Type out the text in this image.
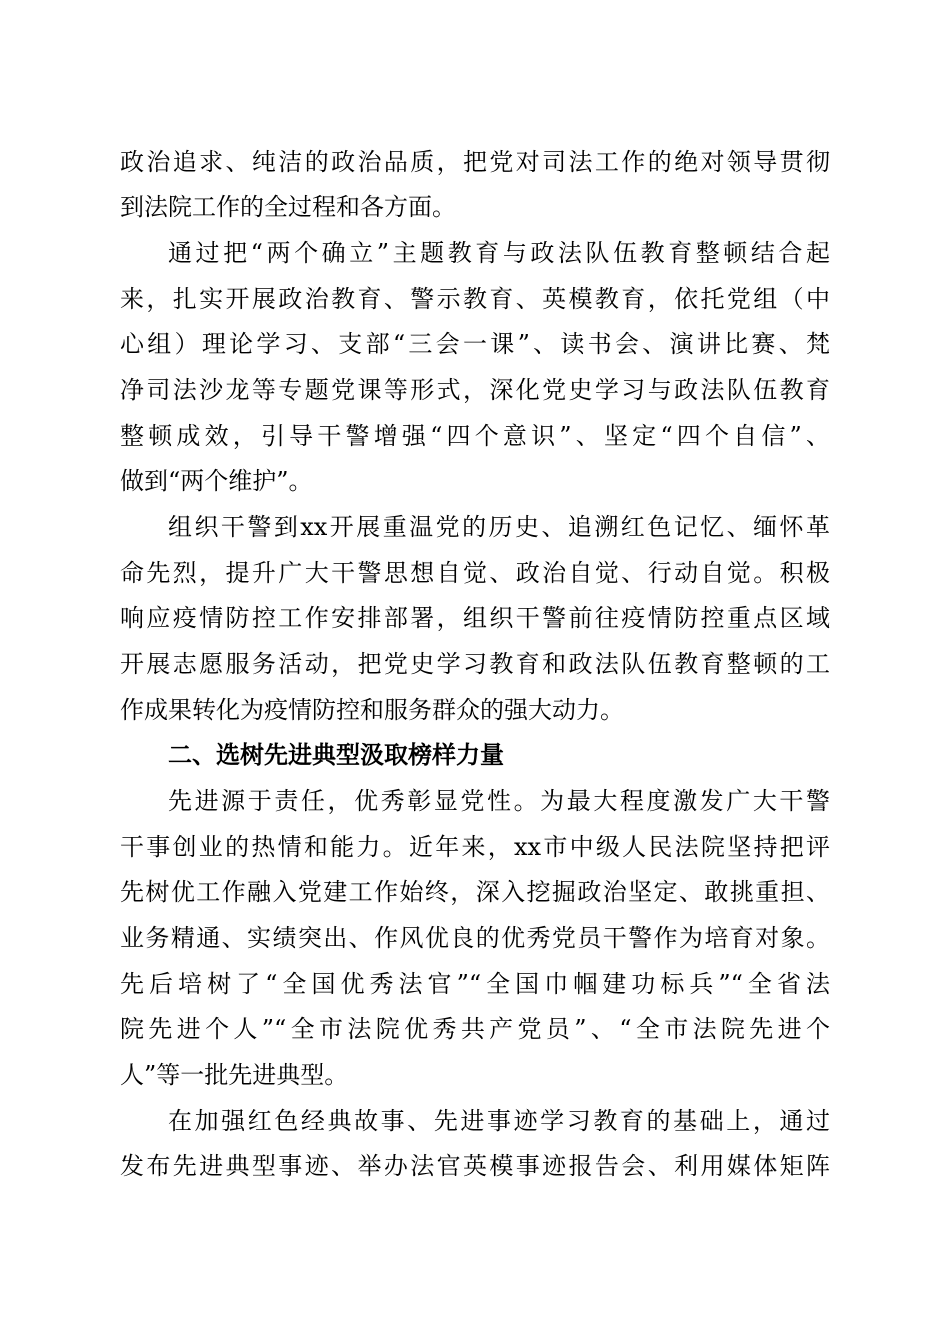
政治追求、纯洁的政治品质，把党对司法工作的绝对领导贯彻
到法院工作的全过程和各方面。
通过把“两个确立”主题教育与政法队伍教育整顿结合起
来，扎实开展政治教育、警示教育、英模教育，依托党组（中
心组）理论学习、支部“三会一课”、读书会、演讲比赛、梵
净司法沙龙等专题党课等形式，深化党史学习与政法队伍教育
整顿成效，引导干警增强“四个意识”、坚定“四个自信”、
做到“两个维护”。
组织干警到xx开展重温党的历史、追溯红色记忆、缅怀革
命先烈，提升广大干警思想自觉、政治自觉、行动自觉。积极
响应疫情防控工作安排部署，组织干警前往疫情防控重点区域
开展志愿服务活动，把党史学习教育和政法队伍教育整顿的工
作成果转化为疫情防控和服务群众的强大动力。
二、选树先进典型汲取榜样力量
先进源于责任，优秀彰显党性。为最大程度激发广大干警
干事创业的热情和能力。近年来，xx市中级人民法院坚持把评
先树优工作融入党建工作始终，深入挖掘政治坚定、敢挑重担、
业务精通、实绩突出、作风优良的优秀党员干警作为培育对象。
先后培树了“全国优秀法官”“全国巾帼建功标兵”“全省法
院先进个人”“全市法院优秀共产党员”、“全市法院先进个
人”等一批先进典型。
在加强红色经典故事、先进事迹学习教育的基础上，通过
发布先进典型事迹、举办法官英模事迹报告会、利用媒体矩阵
